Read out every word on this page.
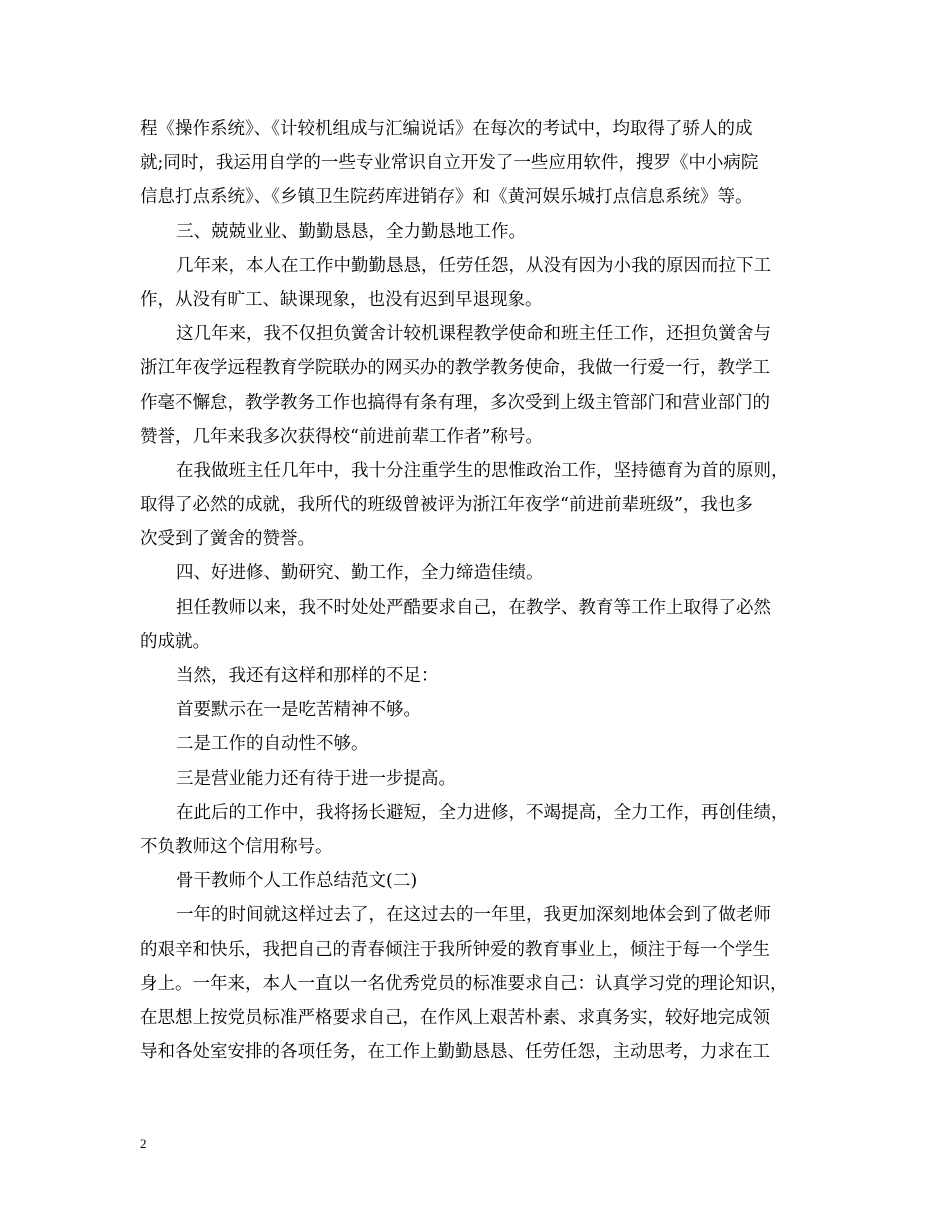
程《操作系统》、《计较机组成与汇编说话》在每次的考试中，均取得了骄人的成
就;同时，我运用自学的一些专业常识自立开发了一些应用软件，搜罗《中小病院
信息打点系统》、《乡镇卫生院药库进销存》和《黄河娱乐城打点信息系统》等。
三、兢兢业业、勤勤恳恳，全力勤恳地工作。
几年来，本人在工作中勤勤恳恳，任劳任怨，从没有因为小我的原因而拉下工
作，从没有旷工、缺课现象，也没有迟到早退现象。
这几年来，我不仅担负黉舍计较机课程教学使命和班主任工作，还担负黉舍与
浙江年夜学远程教育学院联办的网买办的教学教务使命，我做一行爱一行，教学工
作毫不懈怠，教学教务工作也搞得有条有理，多次受到上级主管部门和营业部门的
赞誉，几年来我多次获得校“前进前辈工作者”称号。
在我做班主任几年中，我十分注重学生的思惟政治工作，坚持德育为首的原则，
取得了必然的成就，我所代的班级曾被评为浙江年夜学“前进前辈班级”，我也多
次受到了黉舍的赞誉。
四、好进修、勤研究、勤工作，全力缔造佳绩。
担任教师以来，我不时处处严酷要求自己，在教学、教育等工作上取得了必然
的成就。
当然，我还有这样和那样的不足：
首要默示在一是吃苦精神不够。
二是工作的自动性不够。
三是营业能力还有待于进一步提高。
在此后的工作中，我将扬长避短，全力进修，不竭提高，全力工作，再创佳绩，
不负教师这个信用称号。
骨干教师个人工作总结范文(二)
一年的时间就这样过去了，在这过去的一年里，我更加深刻地体会到了做老师
的艰辛和快乐，我把自己的青春倾注于我所钟爱的教育事业上，倾注于每一个学生
身上。一年来，本人一直以一名优秀党员的标准要求自己：认真学习党的理论知识，
在思想上按党员标准严格要求自己，在作风上艰苦朴素、求真务实，较好地完成领
导和各处室安排的各项任务，在工作上勤勤恳恳、任劳任怨，主动思考，力求在工
2
